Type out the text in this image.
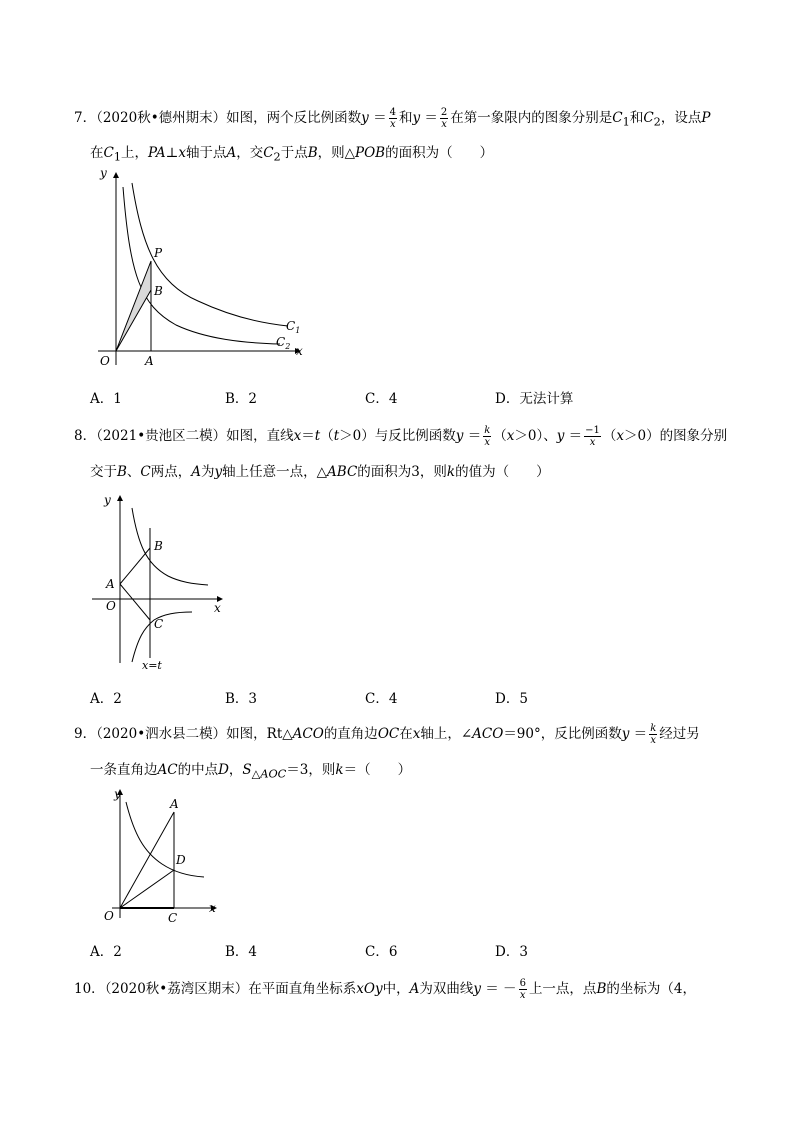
7．（2020秋•德州期末）如图，两个反比例函数$y = \frac{4}{x}$ 和$y = \frac{2}{x}$ 在第一象限内的图象分别是$C_1$和$C_2$，设点P
在$C_1$上，PA⊥x轴于点A，交$C_2$于点B，则△POB的面积为（　　）
y
x
O	A
P
B
$C_1$
$C_2$
A．1	B．2	C．4	D．无法计算
8．（2021•贵池区二模）如图，直线x＝t（t＞0）与反比例函数$y = \frac{k}{x} (x>0)$、$y = \frac{-1}{x} (x>0)$的图象分别
交于B、C两点，A为y轴上任意一点，△ABC的面积为3，则k的值为（　　）
y
x
O
A
B
C
x=t
A．2	B．3	C．4	D．5
9．（2020•泗水县二模）如图，Rt△ACO的直角边OC在x轴上，∠ACO＝90°，反比例函数$y = \frac{k}{x}$ 经过另
一条直角边AC的中点D，$S_{\triangle AOC}=3$，则k＝（　　）
y
x
O
A
C
D
A．2	B．4	C．6	D．3
10．（2020秋•荔湾区期末）在平面直角坐标系xOy中，A为双曲线y ＝ － $\frac{6}{x}$ 上一点，点B的坐标为（4，
